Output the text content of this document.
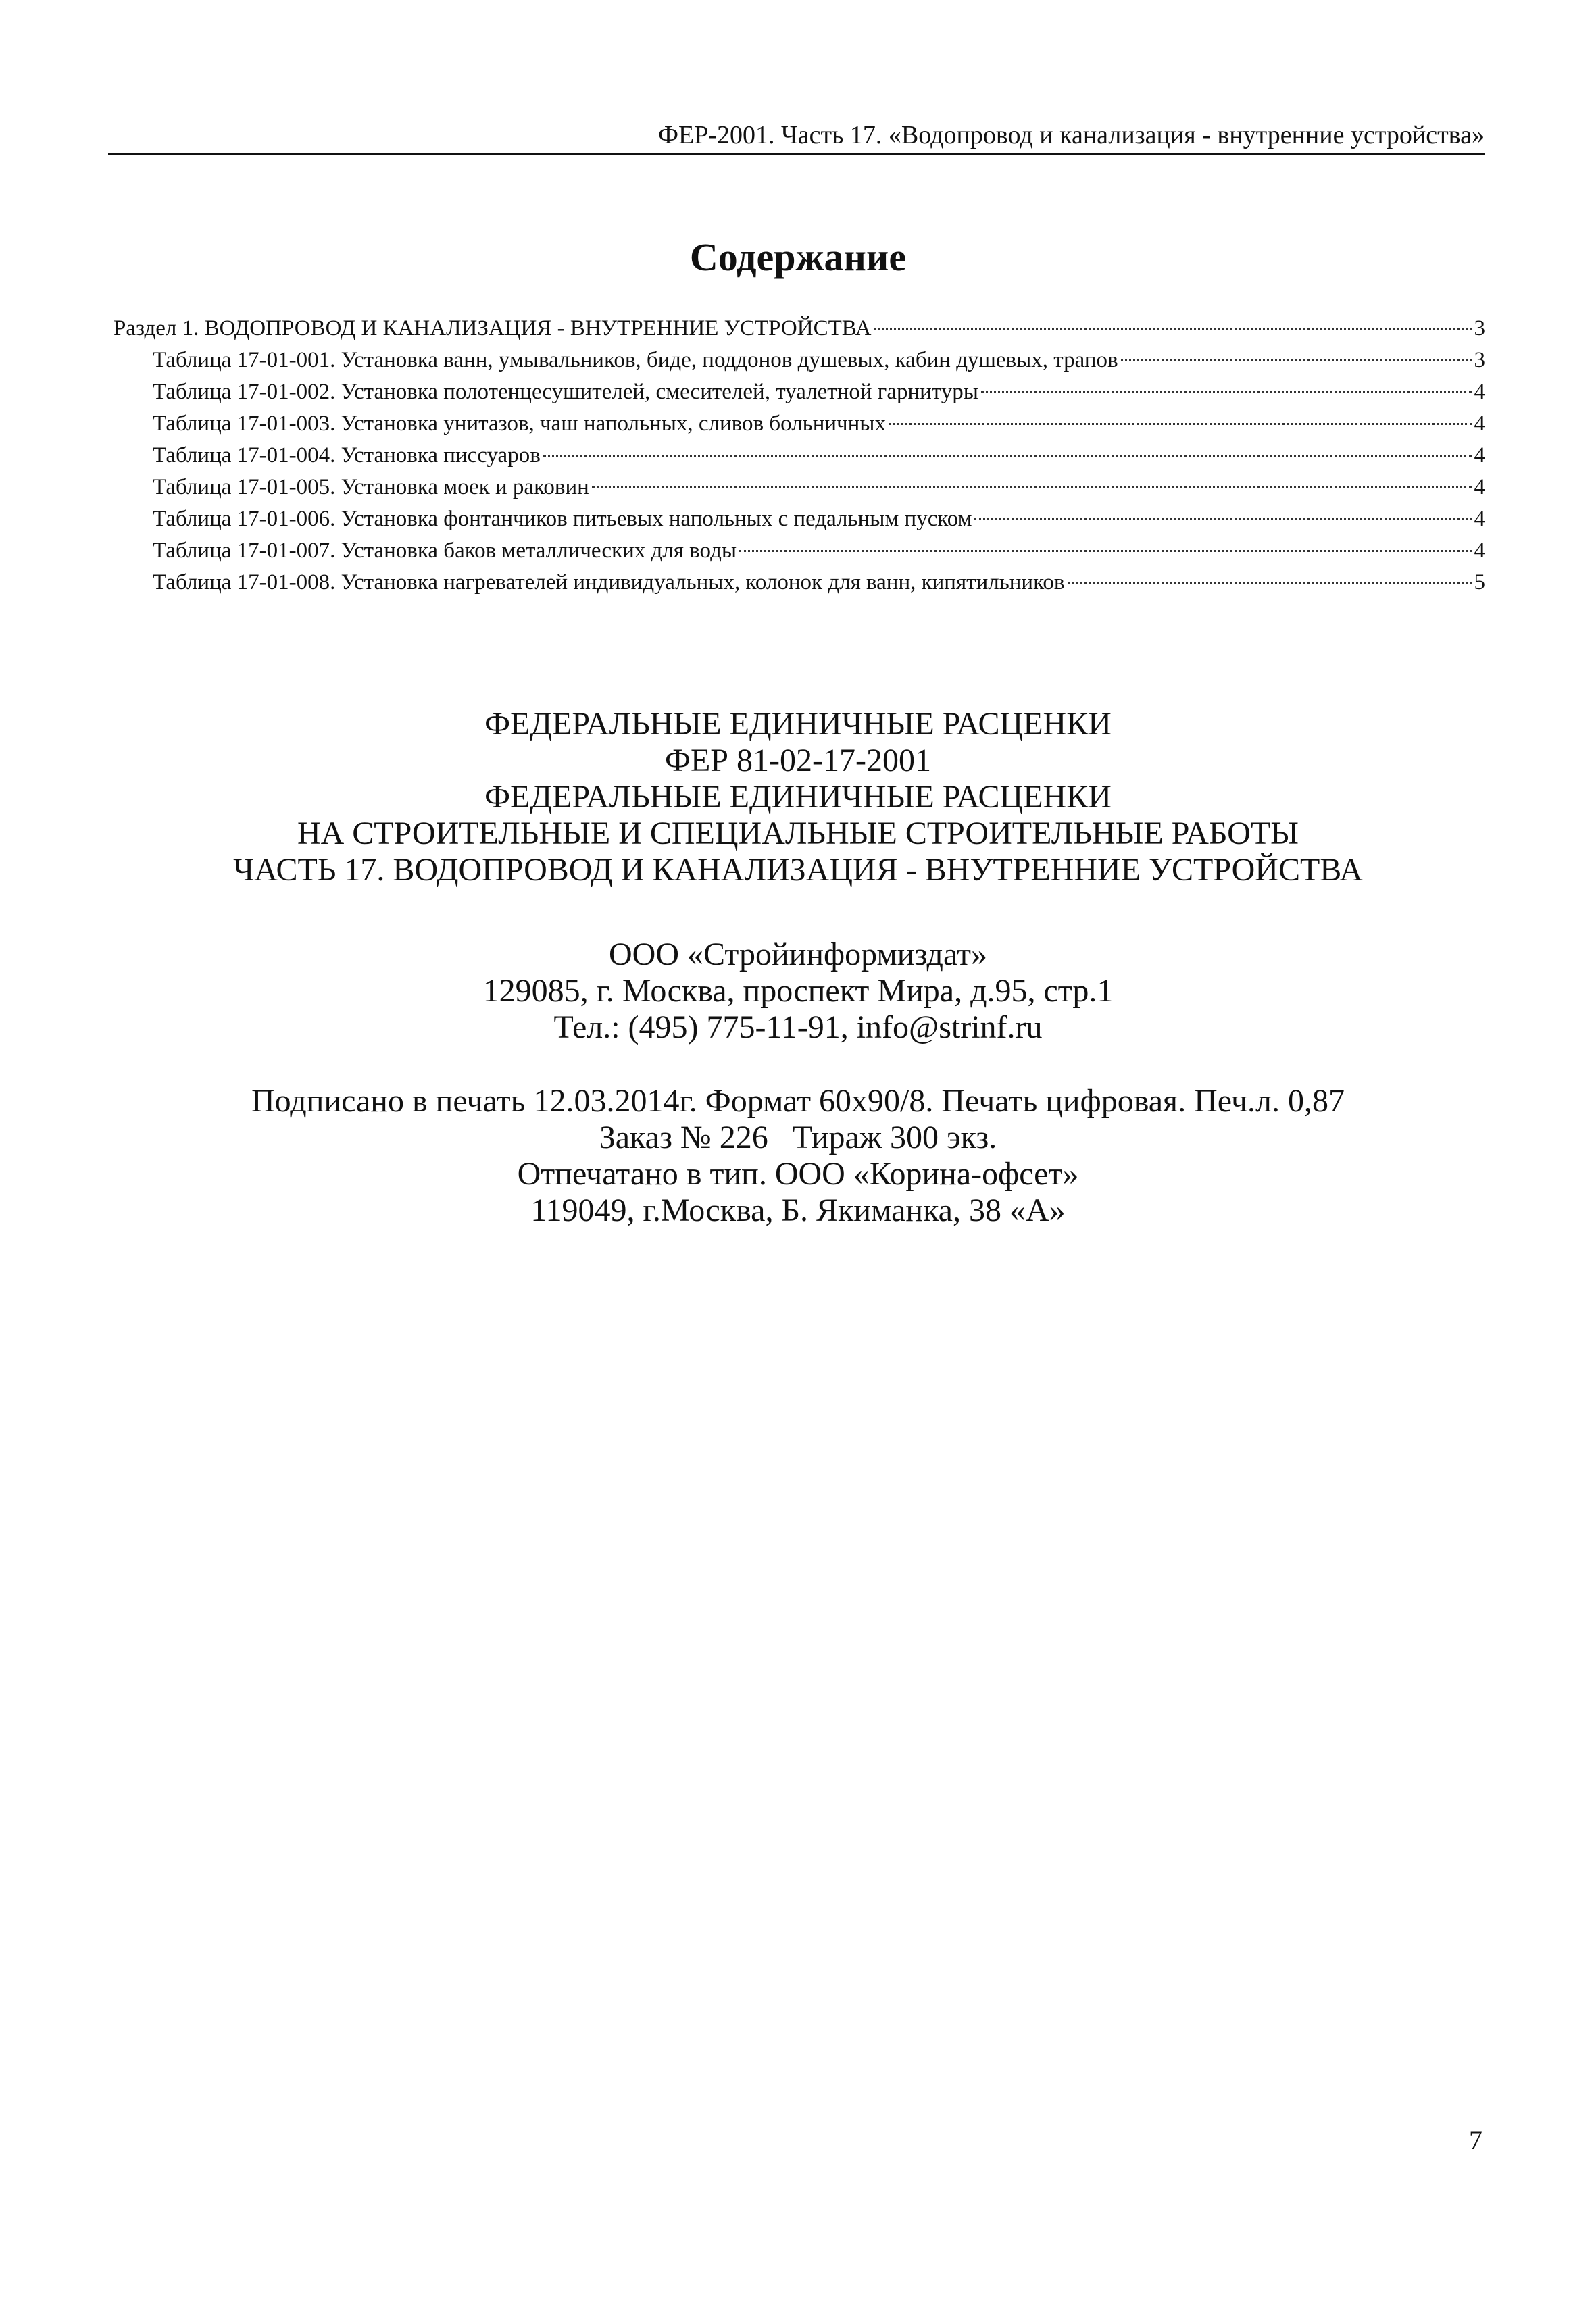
ФЕР-2001. Часть 17. «Водопровод и канализация - внутренние устройства»
Содержание
Раздел 1. ВОДОПРОВОД И КАНАЛИЗАЦИЯ - ВНУТРЕННИЕ УСТРОЙСТВА	3
Таблица 17-01-001. Установка ванн, умывальников, биде, поддонов душевых, кабин душевых, трапов	3
Таблица 17-01-002. Установка полотенцесушителей, смесителей, туалетной гарнитуры	4
Таблица 17-01-003. Установка унитазов, чаш напольных, сливов больничных	4
Таблица 17-01-004. Установка писсуаров	4
Таблица 17-01-005. Установка моек и раковин	4
Таблица 17-01-006. Установка фонтанчиков питьевых напольных с педальным пуском	4
Таблица 17-01-007. Установка баков металлических для воды	4
Таблица 17-01-008. Установка нагревателей индивидуальных, колонок для ванн, кипятильников	5
ФЕДЕРАЛЬНЫЕ ЕДИНИЧНЫЕ РАСЦЕНКИ
ФЕР 81-02-17-2001
ФЕДЕРАЛЬНЫЕ ЕДИНИЧНЫЕ РАСЦЕНКИ
НА СТРОИТЕЛЬНЫЕ И СПЕЦИАЛЬНЫЕ СТРОИТЕЛЬНЫЕ РАБОТЫ
ЧАСТЬ 17. ВОДОПРОВОД И КАНАЛИЗАЦИЯ - ВНУТРЕННИЕ УСТРОЙСТВА
ООО «Стройинформиздат»
129085, г. Москва, проспект Мира, д.95, стр.1
Тел.: (495) 775-11-91, info@strinf.ru
Подписано в печать 12.03.2014г. Формат 60х90/8. Печать цифровая. Печ.л. 0,87
Заказ № 226   Тираж 300 экз.
Отпечатано в тип. ООО «Корина-офсет»
119049, г.Москва, Б. Якиманка, 38 «А»
7
